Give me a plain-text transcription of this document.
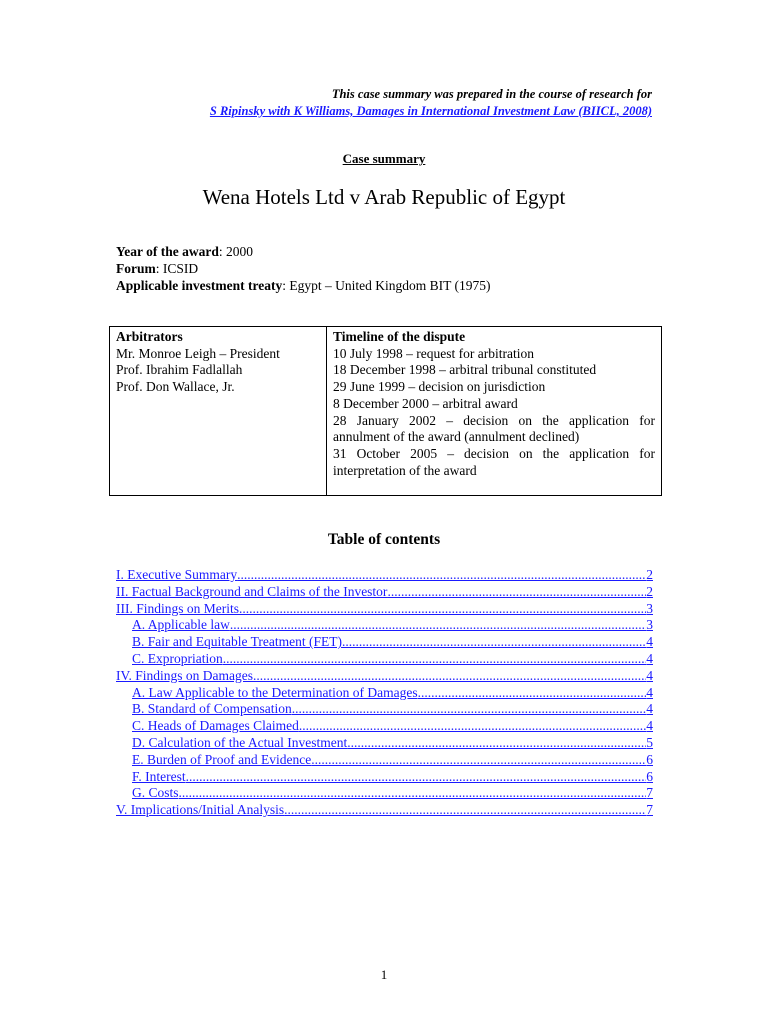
This case summary was prepared in the course of research for
S Ripinsky with K Williams, Damages in International Investment Law (BIICL, 2008)
Case summary
Wena Hotels Ltd v Arab Republic of Egypt
Year of the award: 2000
Forum: ICSID
Applicable investment treaty: Egypt – United Kingdom BIT (1975)
Arbitrators
Mr. Monroe Leigh – President
Prof. Ibrahim Fadlallah
Prof. Don Wallace, Jr.

Timeline of the dispute
10 July 1998 – request for arbitration
18 December 1998 – arbitral tribunal constituted
29 June 1999 – decision on jurisdiction
8 December 2000 – arbitral award
28 January 2002 – decision on the application for annulment of the award (annulment declined)
31 October 2005 – decision on the application for interpretation of the award
Table of contents
I. Executive Summary .....	2
II. Factual Background and Claims of the Investor .....	2
III. Findings on Merits .....	3
A. Applicable law .....	3
B. Fair and Equitable Treatment (FET) .....	4
C. Expropriation .....	4
IV. Findings on Damages .....	4
A. Law Applicable to the Determination of Damages .....	4
B. Standard of Compensation .....	4
C. Heads of Damages Claimed .....	4
D. Calculation of the Actual Investment .....	5
E. Burden of Proof and Evidence .....	6
F. Interest .....	6
G. Costs .....	7
V. Implications/Initial Analysis .....	7
1
